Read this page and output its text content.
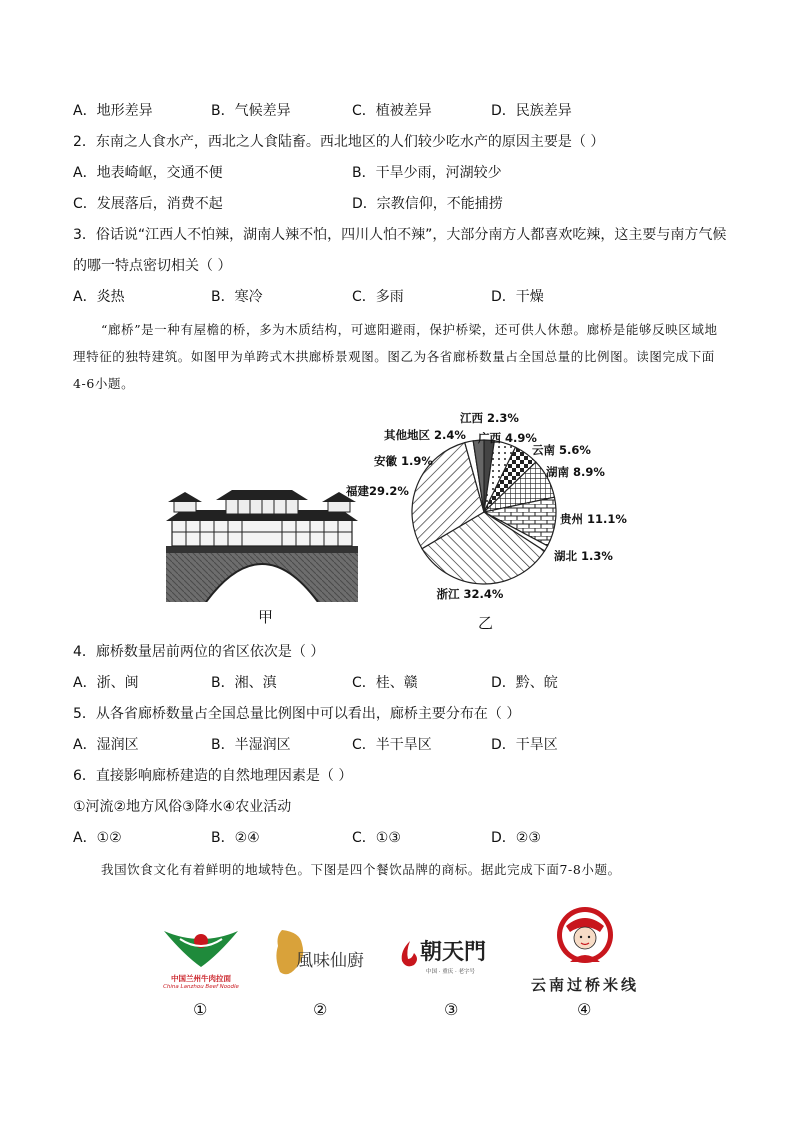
A．地形差异	B．气候差异	C．植被差异	D．民族差异
2．东南之人食水产，西北之人食陆畜。西北地区的人们较少吃水产的原因主要是（ ）
A．地表崎岖，交通不便	B．干旱少雨，河湖较少
C．发展落后，消费不起	D．宗教信仰，不能捕捞
3．俗话说“江西人不怕辣，湖南人辣不怕，四川人怕不辣”，大部分南方人都喜欢吃辣，这主要与南方气候
的哪一特点密切相关（ ）
A．炎热	B．寒冷	C．多雨	D．干燥
“廊桥”是一种有屋檐的桥，多为木质结构，可遮阳避雨，保护桥梁，还可供人休憩。廊桥是能够反映区域地理特征的独特建筑。如图甲为单跨式木拱廊桥景观图。图乙为各省廊桥数量占全国总量的比例图。读图完成下面4-6小题。
甲
江西 2.3%
广西 4.9%
云南 5.6%
湖南 8.9%
贵州 11.1%
湖北 1.3%
浙江 32.4%
福建29.2%
安徽 1.9%
其他地区 2.4%
乙
4．廊桥数量居前两位的省区依次是（ ）
A．浙、闽	B．湘、滇	C．桂、赣	D．黔、皖
5．从各省廊桥数量占全国总量比例图中可以看出，廊桥主要分布在（ ）
A．湿润区	B．半湿润区	C．半干旱区	D．干旱区
6．直接影响廊桥建造的自然地理因素是（ ）
①河流②地方风俗③降水④农业活动
A．①②	B．②④	C．①③	D．②③
我国饮食文化有着鲜明的地域特色。下图是四个餐饮品牌的商标。据此完成下面7-8小题。
中国兰州牛肉拉面
China Lanzhou Beef Noodle
①
風味仙廚
②
朝天門
中国 · 重庆 · 老字号
③
云南过桥米线
④
